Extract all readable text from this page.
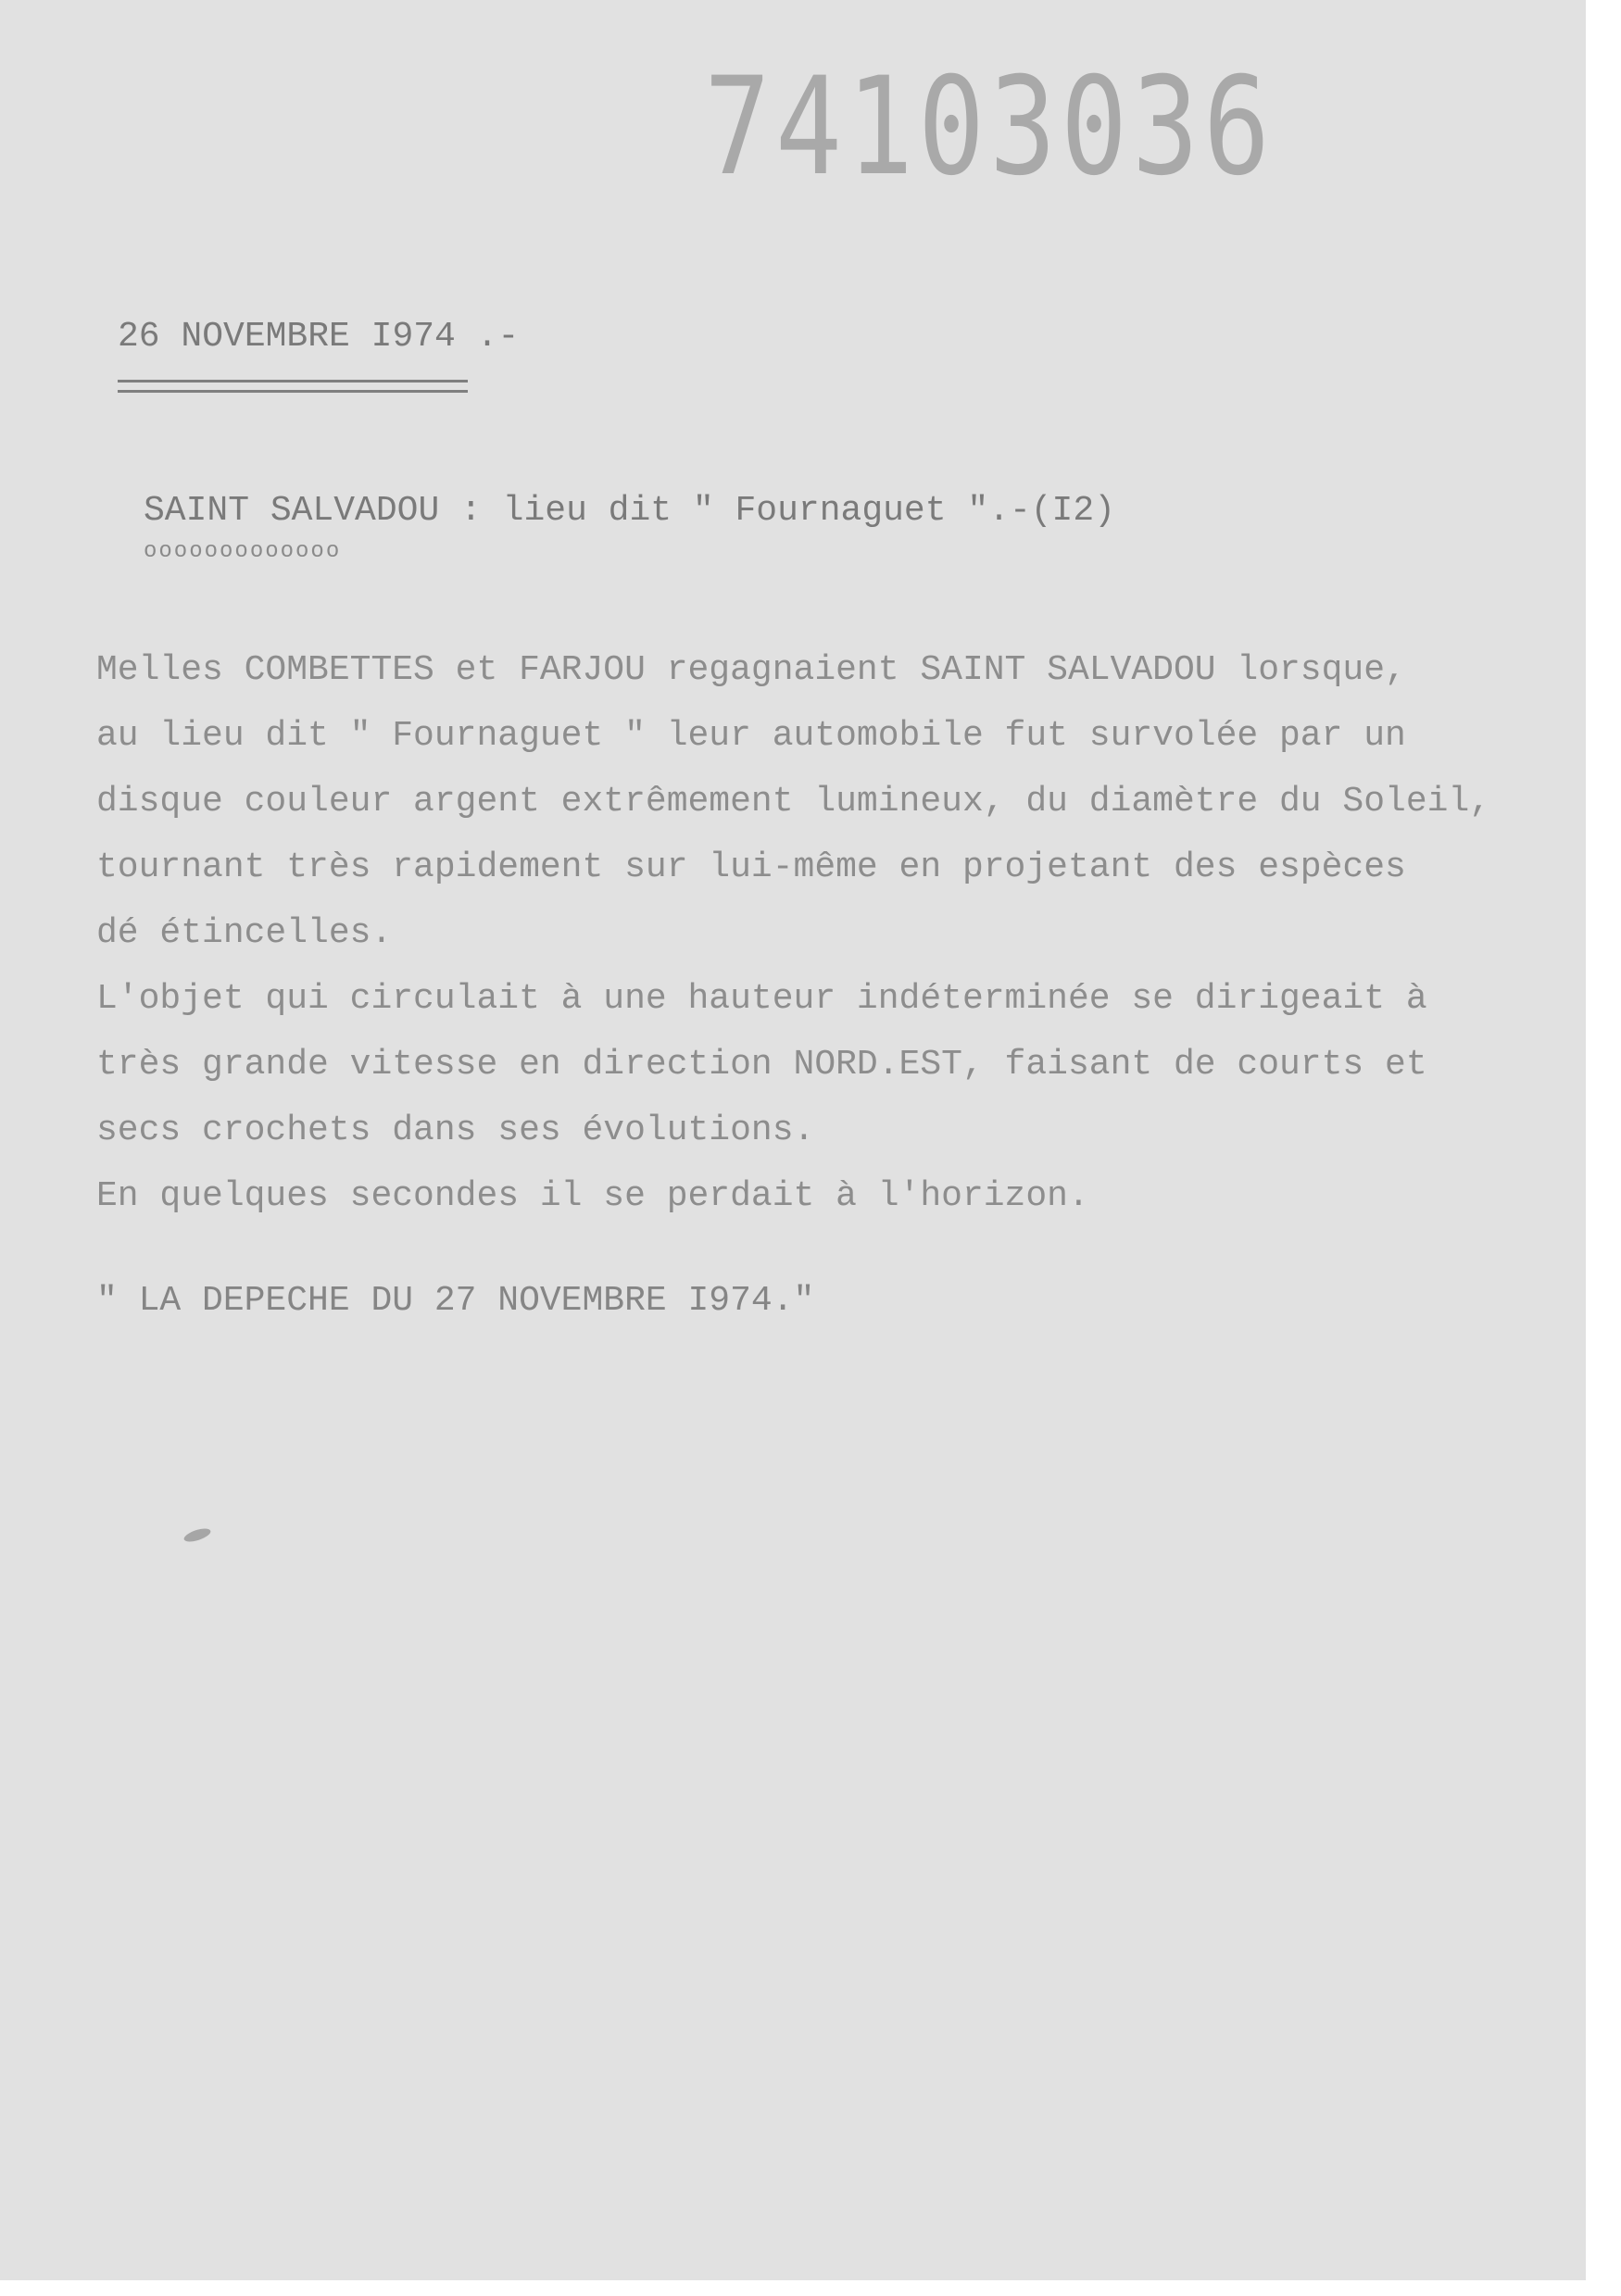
74103036
26 NOVEMBRE I974 .-
SAINT SALVADOU : lieu dit " Fournaguet ".-(I2)
ooooooooooooo
Melles COMBETTES et FARJOU regagnaient SAINT SALVADOU lorsque,
au lieu dit " Fournaguet " leur automobile fut survolée par un
disque couleur argent extrêmement lumineux, du diamètre du Soleil,
tournant très rapidement sur lui-même en projetant des espèces
dé étincelles.
L'objet qui circulait à une hauteur indéterminée se dirigeait à
très grande vitesse en direction NORD.EST, faisant de courts et
secs crochets dans ses évolutions.
En quelques secondes il se perdait à l'horizon.
" LA DEPECHE DU 27 NOVEMBRE I974."
